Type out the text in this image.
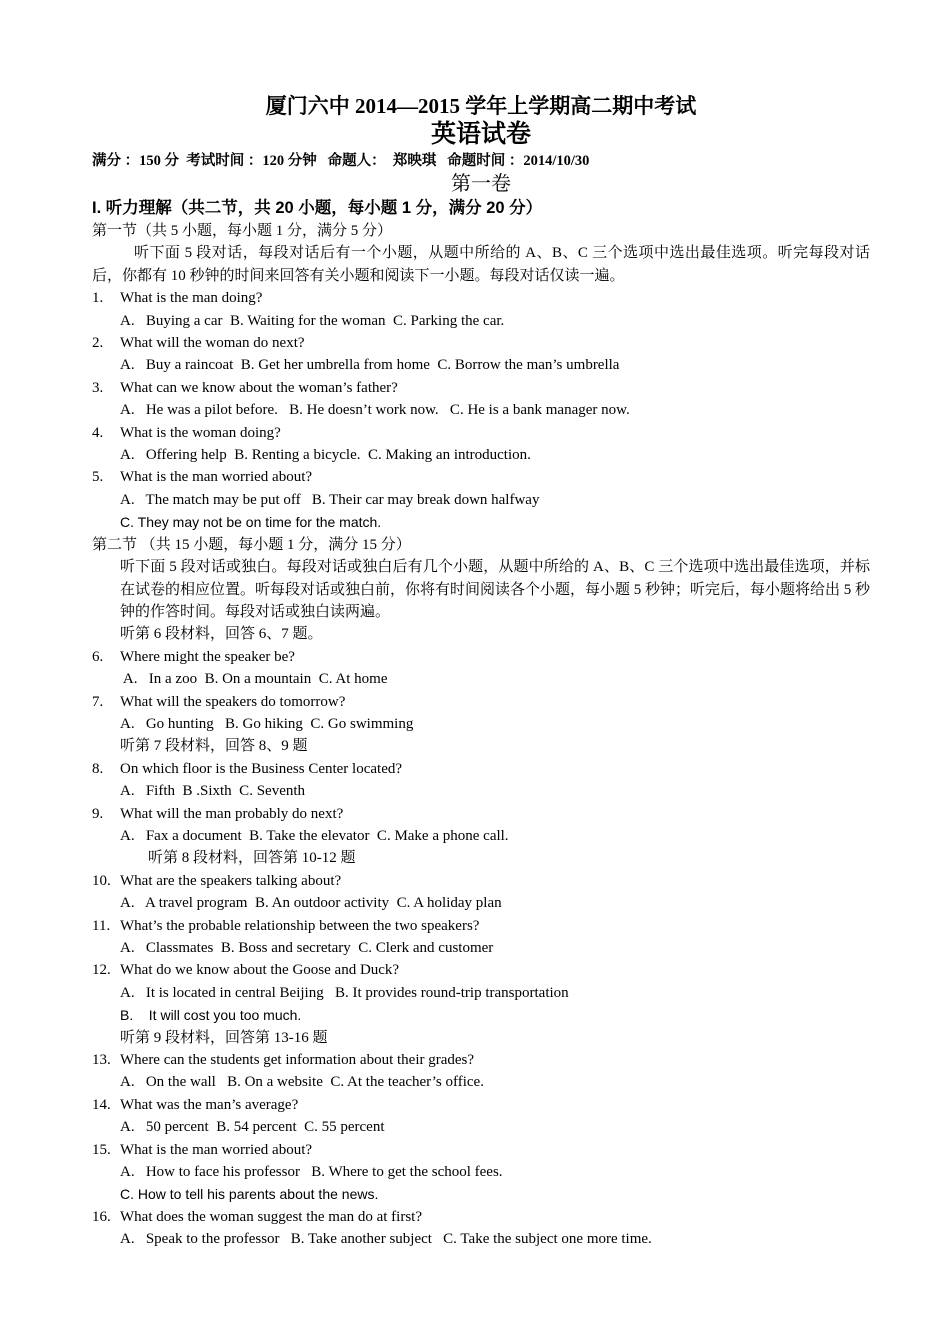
厦门六中 2014—2015 学年上学期高二期中考试
英语试卷
满分 ：150 分  考试时间 ：120 分钟   命题人：  郑映琪   命题时间 ：2014/10/30
第一卷
I. 听力理解（共二节，共 20 小题，每小题 1 分，满分 20 分）
第一节（共 5 小题，每小题 1 分，满分 5 分）

听下面 5 段对话，每段对话后有一个小题，从题中所给的 A、B、C 三个选项中选出最佳选项。听完每段对话后，你都有 10 秒钟的时间来回答有关小题和阅读下一小题。每段对话仅读一遍。

1.	What is the man doing?
A.   Buying a car  B. Waiting for the woman  C. Parking the car.
2.	What will the woman do next?
A.   Buy a raincoat  B. Get her umbrella from home  C. Borrow the man’s umbrella
3.	What can we know about the woman’s father?
A.   He was a pilot before.   B. He doesn’t work now.   C. He is a bank manager now.
4.	What is the woman doing?
A.   Offering help  B. Renting a bicycle.  C. Making an introduction.
5.	What is the man worried about?
A.   The match may be put off   B. Their car may break down halfway
C. They may not be on time for the match.
第二节 （共 15 小题，每小题 1 分，满分 15 分）

听下面 5 段对话或独白。每段对话或独白后有几个小题，从题中所给的 A、B、C 三个选项中选出最佳选项，并标在试卷的相应位置。听每段对话或独白前，你将有时间阅读各个小题，每小题 5 秒钟；听完后，每小题将给出 5 秒钟的作答时间。每段对话或独白读两遍。

听第 6 段材料，回答 6、7 题。
6.	Where might the speaker be?
A.   In a zoo  B. On a mountain  C. At home
7.	What will the speakers do tomorrow?
A.   Go hunting   B. Go hiking  C. Go swimming
听第 7 段材料，回答 8、9 题
8.	On which floor is the Business Center located?
A.   Fifth  B .Sixth  C. Seventh
9.	What will the man probably do next?
A.   Fax a document  B. Take the elevator  C. Make a phone call.
听第 8 段材料，回答第 10-12 题
10. What are the speakers talking about?
A.   A travel program  B. An outdoor activity  C. A holiday plan
11. What’s the probable relationship between the two speakers?
A.   Classmates  B. Boss and secretary  C. Clerk and customer
12. What do we know about the Goose and Duck?
A.   It is located in central Beijing   B. It provides round-trip transportation
B.    It will cost you too much.
听第 9 段材料，回答第 13-16 题
13. Where can the students get information about their grades?
A.   On the wall   B. On a website  C. At the teacher’s office.
14. What was the man’s average?
A.   50 percent  B. 54 percent  C. 55 percent
15. What is the man worried about?
A.   How to face his professor   B. Where to get the school fees.
C. How to tell his parents about the news.
16. What does the woman suggest the man do at first?
A.   Speak to the professor   B. Take another subject   C. Take the subject one more time.
